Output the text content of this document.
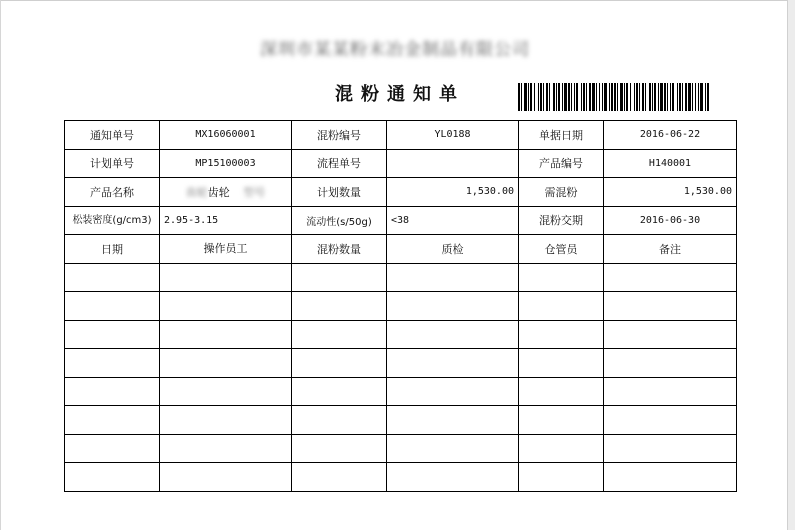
深圳市某某粉末冶金制品有限公司
混粉通知单
通知单号	MX16060001	混粉编号	YL0188	单据日期	2016-06-22
计划单号	MP15100003	流程单号		产品编号	H140001
产品名称	齿轮齿轮 型号	计划数量	1,530.00	需混粉	1,530.00
松装密度(g/cm3)	2.95-3.15	流动性(s/50g)	<38	混粉交期	2016-06-30
日期	操作员工	混粉数量	质检	仓管员	备注
